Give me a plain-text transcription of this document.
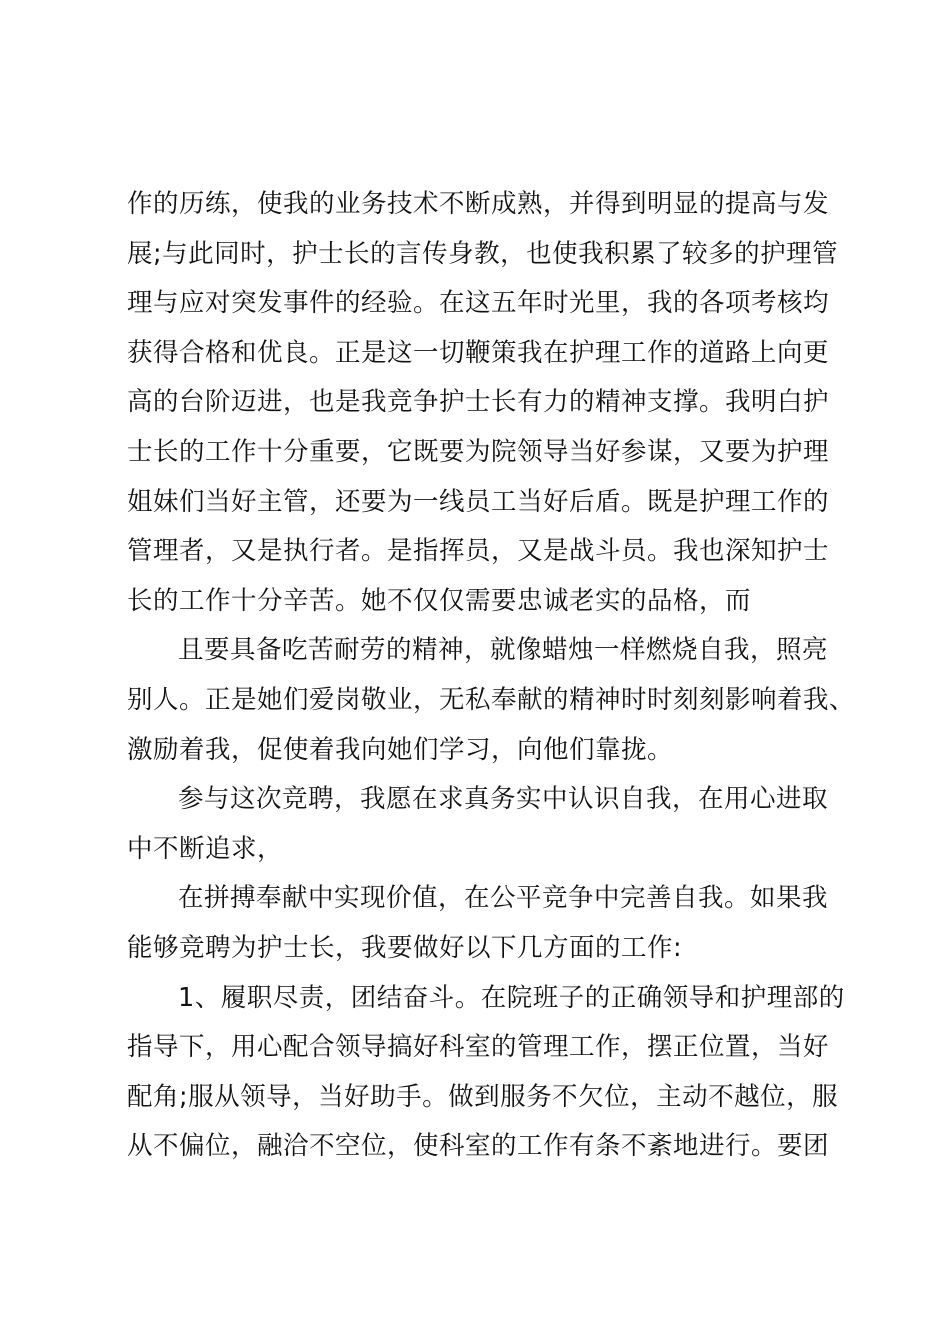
作的历练，使我的业务技术不断成熟，并得到明显的提高与发
展;与此同时，护士长的言传身教，也使我积累了较多的护理管
理与应对突发事件的经验。在这五年时光里，我的各项考核均
获得合格和优良。正是这一切鞭策我在护理工作的道路上向更
高的台阶迈进，也是我竞争护士长有力的精神支撑。我明白护
士长的工作十分重要，它既要为院领导当好参谋，又要为护理
姐妹们当好主管，还要为一线员工当好后盾。既是护理工作的
管理者，又是执行者。是指挥员，又是战斗员。我也深知护士
长的工作十分辛苦。她不仅仅需要忠诚老实的品格，而
且要具备吃苦耐劳的精神，就像蜡烛一样燃烧自我，照亮
别人。正是她们爱岗敬业，无私奉献的精神时时刻刻影响着我、
激励着我，促使着我向她们学习，向他们靠拢。
参与这次竞聘，我愿在求真务实中认识自我，在用心进取
中不断追求，
在拼搏奉献中实现价值，在公平竞争中完善自我。如果我
能够竞聘为护士长，我要做好以下几方面的工作:
1、履职尽责，团结奋斗。在院班子的正确领导和护理部的
指导下，用心配合领导搞好科室的管理工作，摆正位置，当好
配角;服从领导，当好助手。做到服务不欠位，主动不越位，服
从不偏位，融洽不空位，使科室的工作有条不紊地进行。要团
